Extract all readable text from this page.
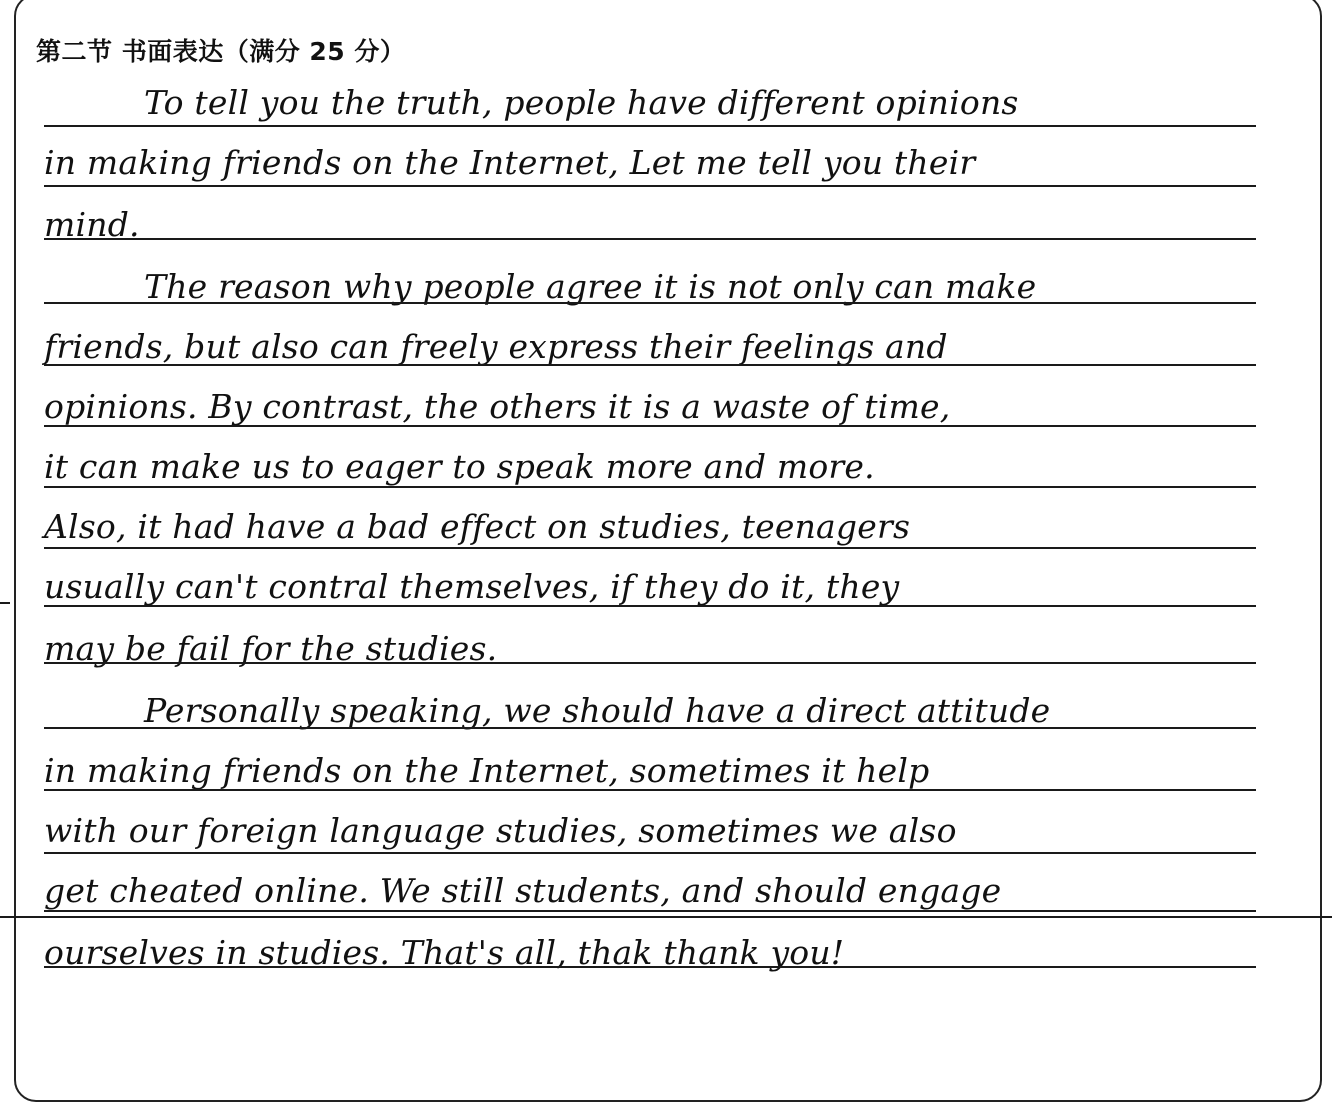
第二节 书面表达（满分 25 分）
To tell you the truth, people have different opinions
in making friends on the Internet, Let me tell you their
mind.
The reason why people agree it is not only can make
friends, but also can freely express their feelings and
opinions. By contrast, the others it is a waste of time,
it can make us to eager to speak more and more.
Also, it had have a bad effect on studies, teenagers
usually can't contral themselves, if they do it, they
may be fail for the studies.
Personally speaking, we should have a direct attitude
in making friends on the Internet, sometimes it help
with our foreign language studies, sometimes we also
get cheated online. We still students, and should engage
ourselves in studies. That's all, thak thank you!
